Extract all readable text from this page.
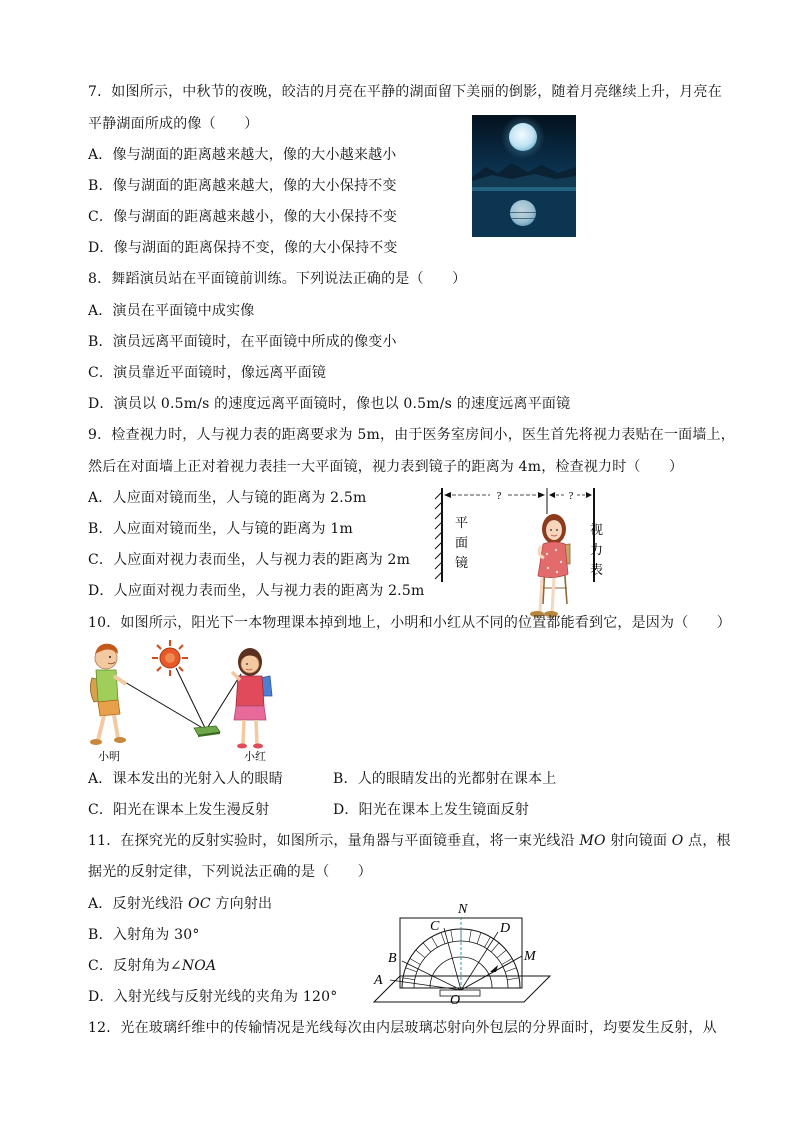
7．如图所示，中秋节的夜晚，皎洁的月亮在平静的湖面留下美丽的倒影，随着月亮继续上升，月亮在
平静湖面所成的像（　　）
A．像与湖面的距离越来越大，像的大小越来越小
B．像与湖面的距离越来越大，像的大小保持不变
C．像与湖面的距离越来越小，像的大小保持不变
D．像与湖面的距离保持不变，像的大小保持不变
8．舞蹈演员站在平面镜前训练。下列说法正确的是（　　）
A．演员在平面镜中成实像
B．演员远离平面镜时，在平面镜中所成的像变小
C．演员靠近平面镜时，像远离平面镜
D．演员以 0.5m/s 的速度远离平面镜时，像也以 0.5m/s 的速度远离平面镜
9．检查视力时，人与视力表的距离要求为 5m，由于医务室房间小，医生首先将视力表贴在一面墙上，
然后在对面墙上正对着视力表挂一大平面镜，视力表到镜子的距离为 4m，检查视力时（　　）
A．人应面对镜而坐，人与镜的距离为 2.5m
B．人应面对镜而坐，人与镜的距离为 1m
C．人应面对视力表而坐，人与视力表的距离为 2m
D．人应面对视力表而坐，人与视力表的距离为 2.5m
?	?
平
面
镜
视
力
表
10．如图所示，阳光下一本物理课本掉到地上，小明和小红从不同的位置都能看到它，是因为（　　）
小明	小红
A．课本发出的光射入人的眼睛	B．人的眼睛发出的光都射在课本上
C．阳光在课本上发生漫反射	D．阳光在课本上发生镜面反射
11．在探究光的反射实验时，如图所示，量角器与平面镜垂直，将一束光线沿 MO 射向镜面 O 点，根
据光的反射定律，下列说法正确的是（　　）
A．反射光线沿 OC 方向射出
B．入射角为 30°
C．反射角为∠NOA
D．入射光线与反射光线的夹角为 120°
N
C	D
B	M
A
O
12．光在玻璃纤维中的传输情况是光线每次由内层玻璃芯射向外包层的分界面时，均要发生反射，从
